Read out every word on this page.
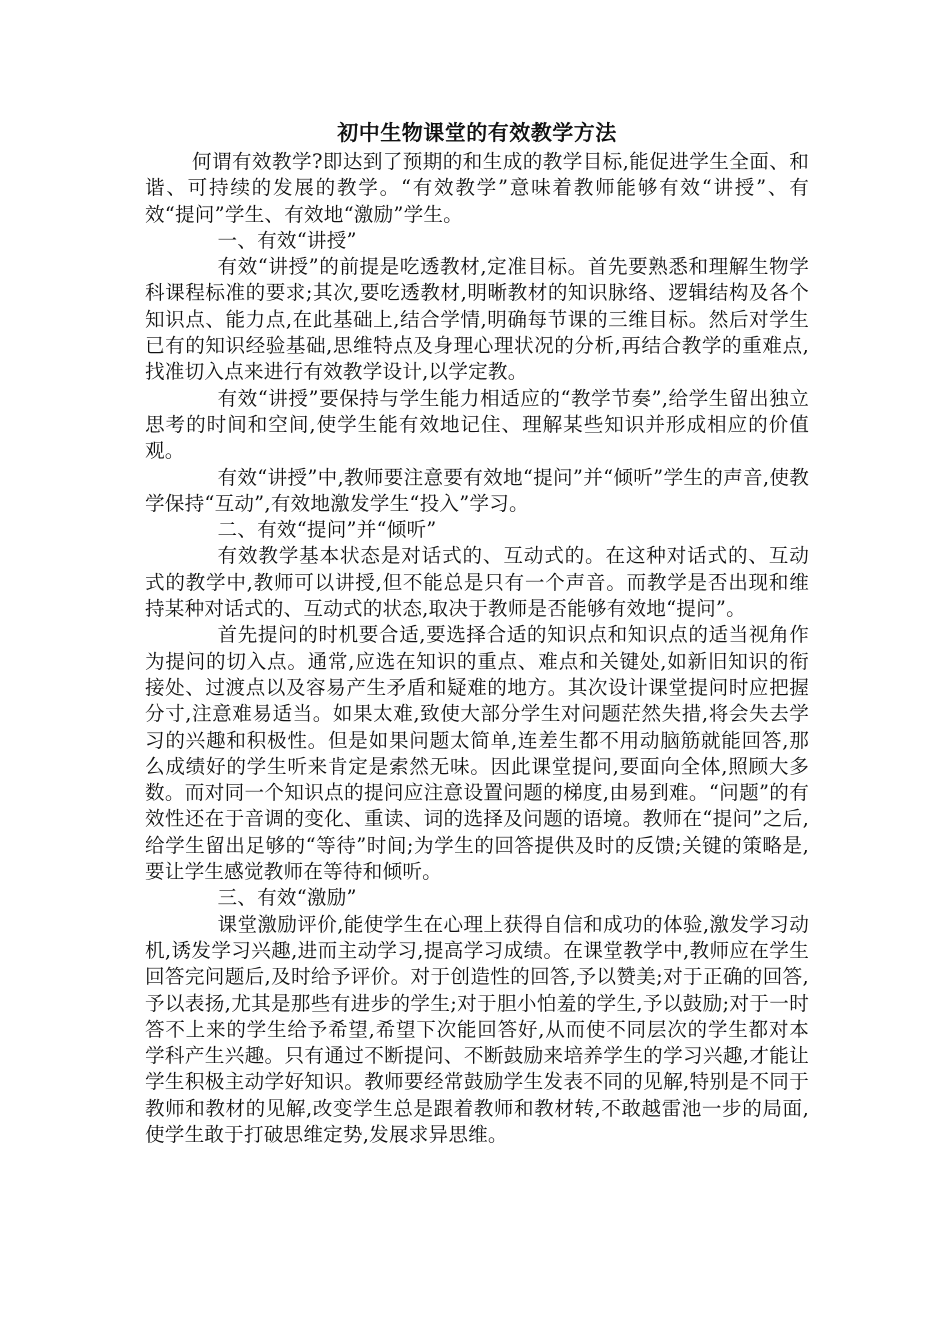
初中生物课堂的有效教学方法

何谓有效教学?即达到了预期的和生成的教学目标,能促进学生全面、和谐、可持续的发展的教学。“有效教学”意味着教师能够有效“讲授”、有效“提问”学生、有效地“激励”学生。

一、有效“讲授”

有效“讲授”的前提是吃透教材,定准目标。首先要熟悉和理解生物学科课程标准的要求;其次,要吃透教材,明晰教材的知识脉络、逻辑结构及各个知识点、能力点,在此基础上,结合学情,明确每节课的三维目标。然后对学生已有的知识经验基础,思维特点及身理心理状况的分析,再结合教学的重难点,找准切入点来进行有效教学设计,以学定教。

有效“讲授”要保持与学生能力相适应的“教学节奏”,给学生留出独立思考的时间和空间,使学生能有效地记住、理解某些知识并形成相应的价值观。

有效“讲授”中,教师要注意要有效地“提问”并“倾听”学生的声音,使教学保持“互动”,有效地激发学生“投入”学习。

二、有效“提问”并“倾听”

有效教学基本状态是对话式的、互动式的。在这种对话式的、互动式的教学中,教师可以讲授,但不能总是只有一个声音。而教学是否出现和维持某种对话式的、互动式的状态,取决于教师是否能够有效地“提问”。

首先提问的时机要合适,要选择合适的知识点和知识点的适当视角作为提问的切入点。通常,应选在知识的重点、难点和关键处,如新旧知识的衔接处、过渡点以及容易产生矛盾和疑难的地方。其次设计课堂提问时应把握分寸,注意难易适当。如果太难,致使大部分学生对问题茫然失措,将会失去学习的兴趣和积极性。但是如果问题太简单,连差生都不用动脑筋就能回答,那么成绩好的学生听来肯定是索然无味。因此课堂提问,要面向全体,照顾大多数。而对同一个知识点的提问应注意设置问题的梯度,由易到难。“问题”的有效性还在于音调的变化、重读、词的选择及问题的语境。教师在“提问”之后,给学生留出足够的“等待”时间;为学生的回答提供及时的反馈;关键的策略是,要让学生感觉教师在等待和倾听。

三、有效“激励”

课堂激励评价,能使学生在心理上获得自信和成功的体验,激发学习动机,诱发学习兴趣,进而主动学习,提高学习成绩。在课堂教学中,教师应在学生回答完问题后,及时给予评价。对于创造性的回答,予以赞美;对于正确的回答,予以表扬,尤其是那些有进步的学生;对于胆小怕羞的学生,予以鼓励;对于一时答不上来的学生给予希望,希望下次能回答好,从而使不同层次的学生都对本学科产生兴趣。只有通过不断提问、不断鼓励来培养学生的学习兴趣,才能让学生积极主动学好知识。教师要经常鼓励学生发表不同的见解,特别是不同于教师和教材的见解,改变学生总是跟着教师和教材转,不敢越雷池一步的局面,使学生敢于打破思维定势,发展求异思维。
